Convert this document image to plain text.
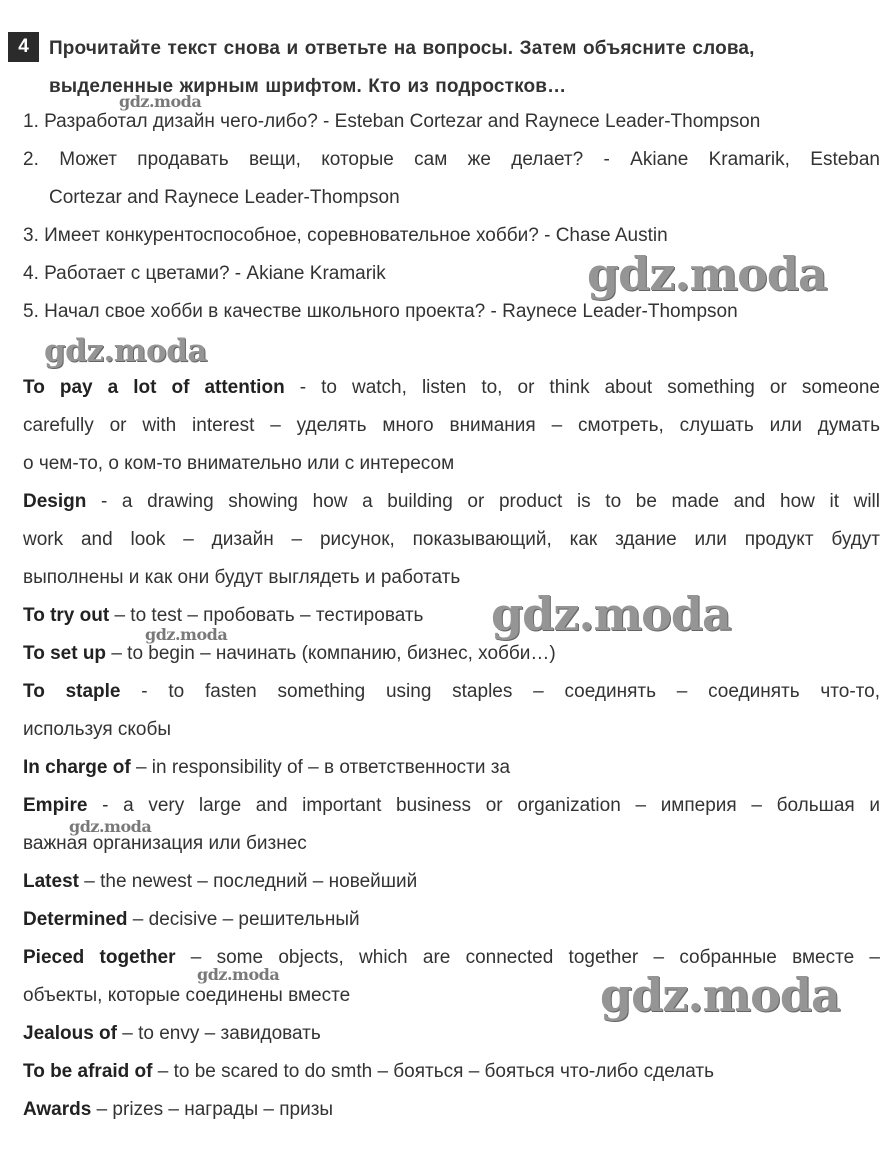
4	Прочитайте текст снова и ответьте на вопросы. Затем объясните слова,
выделенные жирным шрифтом. Кто из подростков…
1. Разработал дизайн чего-либо? - Esteban Cortezar and Raynece Leader-Thompson
2. Может продавать вещи, которые сам же делает? - Akiane Kramarik, Esteban
Cortezar and Raynece Leader-Thompson
3. Имеет конкурентоспособное, соревновательное хобби? - Chase Austin
4. Работает с цветами? - Akiane Kramarik
5. Начал свое хобби в качестве школьного проекта? - Raynece Leader-Thompson
To pay a lot of attention - to watch, listen to, or think about something or someone
carefully or with interest – уделять много внимания – смотреть, слушать или думать
о чем-то, о ком-то внимательно или с интересом
Design - a drawing showing how a building or product is to be made and how it will
work and look – дизайн – рисунок, показывающий, как здание или продукт будут
выполнены и как они будут выглядеть и работать
To try out – to test – пробовать – тестировать
To set up – to begin – начинать (компанию, бизнес, хобби…)
To staple - to fasten something using staples – соединять – соединять что-то,
используя скобы
In charge of – in responsibility of – в ответственности за
Empire - a very large and important business or organization – империя – большая и
важная организация или бизнес
Latest – the newest – последний – новейший
Determined – decisive – решительный
Pieced together – some objects, which are connected together – собранные вместе –
объекты, которые соединены вместе
Jealous of – to envy – завидовать
To be afraid of – to be scared to do smth – бояться – бояться что-либо сделать
Awards – prizes – награды – призы
gdz.moda
gdz.moda
gdz.moda
gdz.moda
gdz.moda
gdz.moda
gdz.moda	gdz.moda
